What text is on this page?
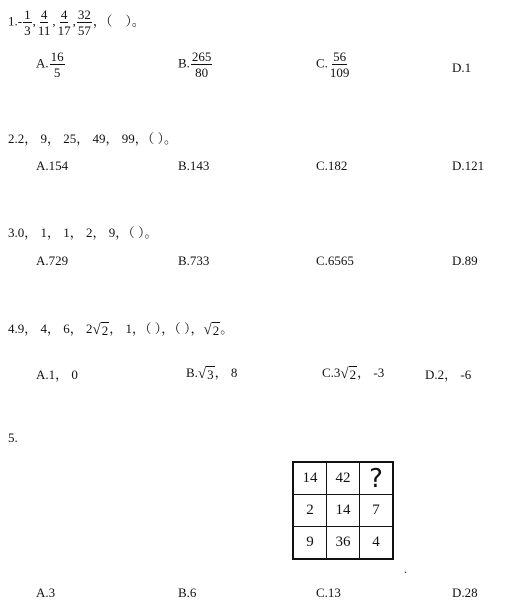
$1.- \frac{1}{3}$ , $\frac{4}{11}$ , $\frac{4}{17}$ , $\frac{32}{57}$ ，（　）。
A. $\frac{16}{5}$	B. $\frac{265}{80}$	C. $\frac{56}{109}$	D.1
2.2， 9， 25， 49， 99，（ ）。
A.154	B.143	C.182	D.121
3.0， 1， 1， 2， 9，（ ）。
A.729	B.733	C.6565	D.89
4.9， 4， 6， 2 √ 2 ， 1，（ ），（ ）， √ 2 。
A.1， 0	B. √ 3 ， 8	C.3 √ 2 ， -3	D.2， -6
5.
14	42	?
2	14	7
9	36	4
.
A.3	B.6	C.13	D.28
